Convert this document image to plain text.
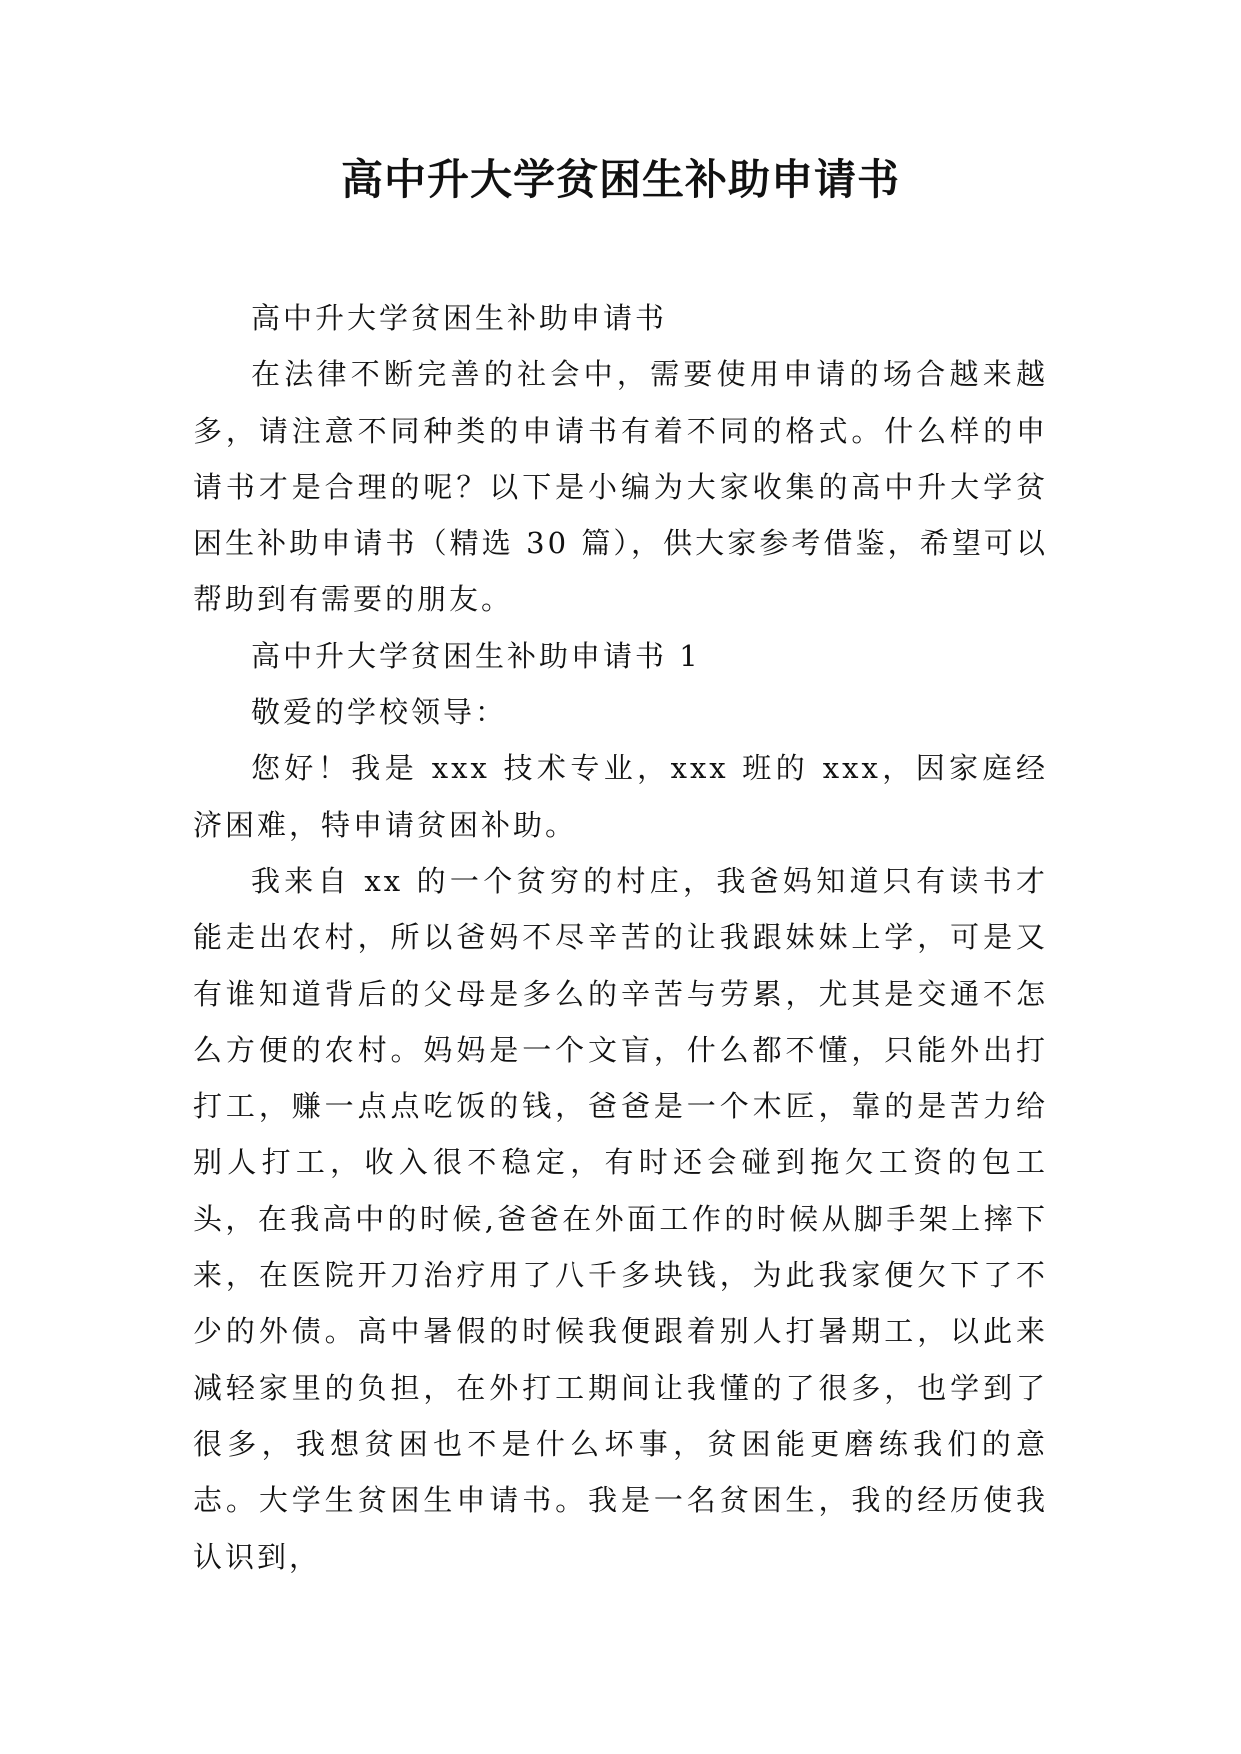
高中升大学贫困生补助申请书

高中升大学贫困生补助申请书

在法律不断完善的社会中，需要使用申请的场合越来越多，请注意不同种类的申请书有着不同的格式。什么样的申请书才是合理的呢？以下是小编为大家收集的高中升大学贫困生补助申请书（精选 30 篇），供大家参考借鉴，希望可以帮助到有需要的朋友。

高中升大学贫困生补助申请书 1

敬爱的学校领导：

您好！我是 xxx 技术专业，xxx 班的 xxx，因家庭经济困难，特申请贫困补助。

我来自 xx 的一个贫穷的村庄，我爸妈知道只有读书才能走出农村，所以爸妈不尽辛苦的让我跟妹妹上学，可是又有谁知道背后的父母是多么的辛苦与劳累，尤其是交通不怎么方便的农村。妈妈是一个文盲，什么都不懂，只能外出打打工，赚一点点吃饭的钱，爸爸是一个木匠，靠的是苦力给别人打工，收入很不稳定，有时还会碰到拖欠工资的包工头，在我高中的时候,爸爸在外面工作的时候从脚手架上摔下来，在医院开刀治疗用了八千多块钱，为此我家便欠下了不少的外债。高中暑假的时候我便跟着别人打暑期工，以此来减轻家里的负担，在外打工期间让我懂的了很多，也学到了很多，我想贫困也不是什么坏事，贫困能更磨练我们的意志。大学生贫困生申请书。我是一名贫困生，我的经历使我认识到，
